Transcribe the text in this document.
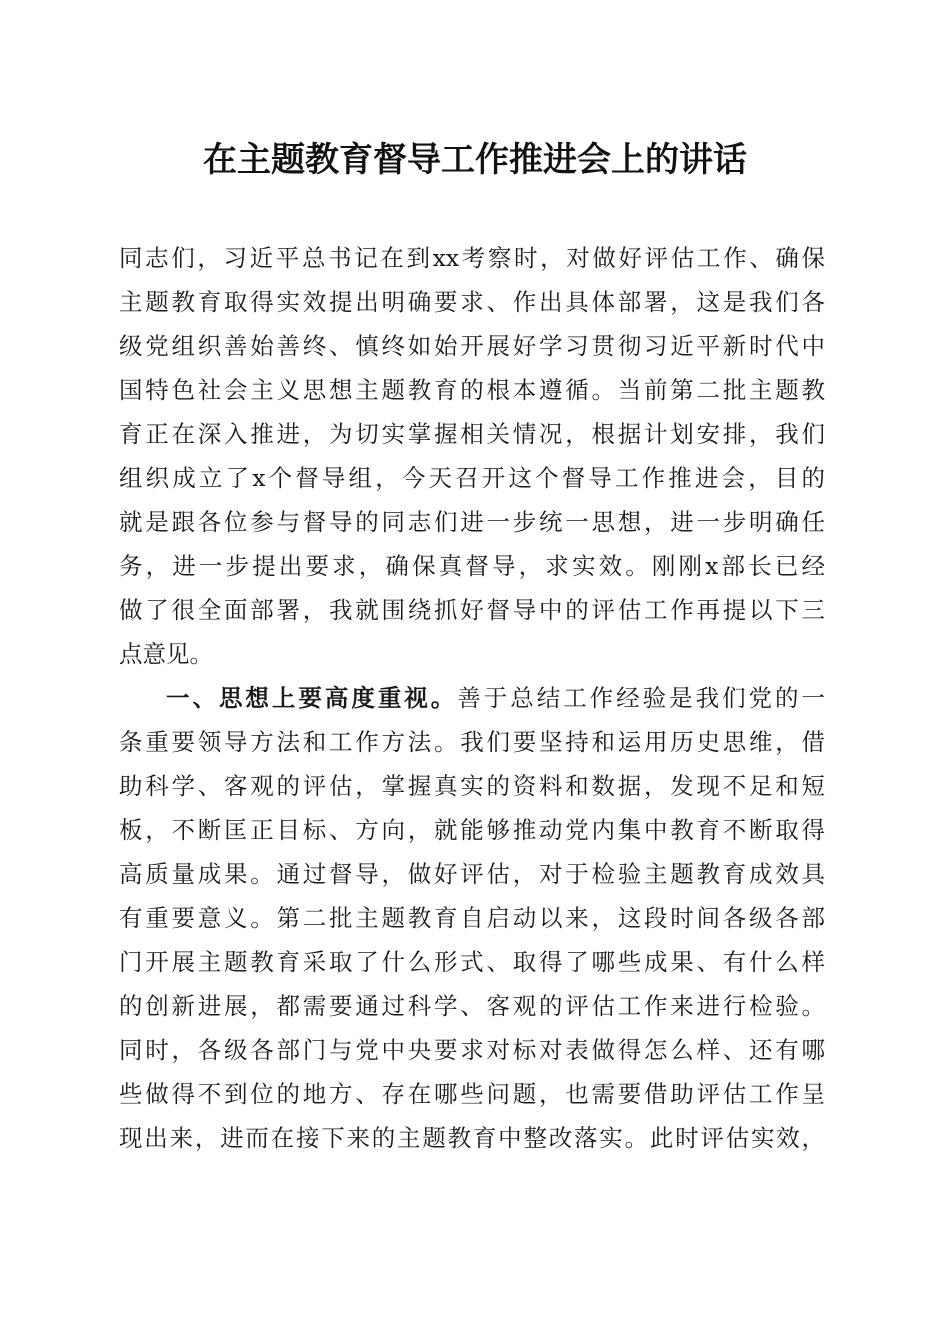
在主题教育督导工作推进会上的讲话
同志们，习近平总书记在到xx考察时，对做好评估工作、确保
主题教育取得实效提出明确要求、作出具体部署，这是我们各
级党组织善始善终、慎终如始开展好学习贯彻习近平新时代中
国特色社会主义思想主题教育的根本遵循。当前第二批主题教
育正在深入推进，为切实掌握相关情况，根据计划安排，我们
组织成立了x个督导组，今天召开这个督导工作推进会，目的
就是跟各位参与督导的同志们进一步统一思想，进一步明确任
务，进一步提出要求，确保真督导，求实效。刚刚x部长已经
做了很全面部署，我就围绕抓好督导中的评估工作再提以下三
点意见。
一、思想上要高度重视。善于总结工作经验是我们党的一
条重要领导方法和工作方法。我们要坚持和运用历史思维，借
助科学、客观的评估，掌握真实的资料和数据，发现不足和短
板，不断匡正目标、方向，就能够推动党内集中教育不断取得
高质量成果。通过督导，做好评估，对于检验主题教育成效具
有重要意义。第二批主题教育自启动以来，这段时间各级各部
门开展主题教育采取了什么形式、取得了哪些成果、有什么样
的创新进展，都需要通过科学、客观的评估工作来进行检验。
同时，各级各部门与党中央要求对标对表做得怎么样、还有哪
些做得不到位的地方、存在哪些问题，也需要借助评估工作呈
现出来，进而在接下来的主题教育中整改落实。此时评估实效，
